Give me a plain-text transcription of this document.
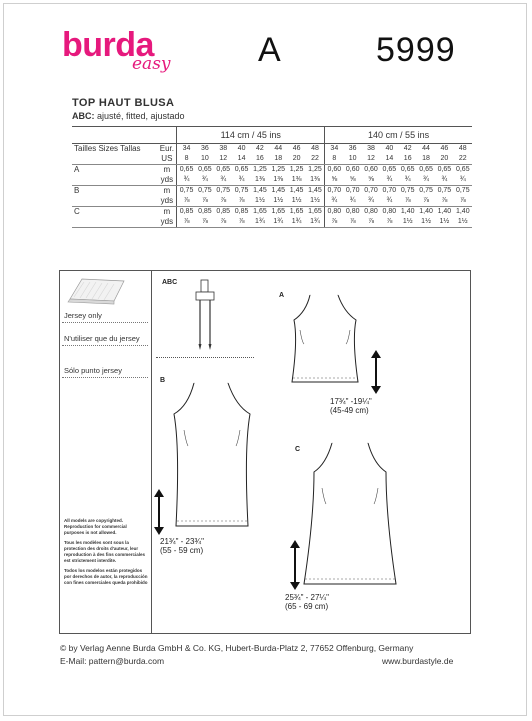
burda
easy	A	5999
TOP HAUT BLUSA
ABC: ajusté, fitted, ajustado
		114 cm / 45 ins								140 cm / 55 ins							
Tailles Sizes Tallas	Eur.	34	36	38	40	42	44	46	48	34	36	38	40	42	44	46	48
	US	8	10	12	14	16	18	20	22	8	10	12	14	16	18	20	22
A	m	0,65	0,65	0,65	0,65	1,25	1,25	1,25	1,25	0,60	0,60	0,60	0,65	0,65	0,65	0,65	0,65
	yds	¾	¾	¾	¾	1⅜	1⅜	1⅜	1⅜	⅝	⅝	⅝	¾	¾	¾	¾	¾
B	m	0,75	0,75	0,75	0,75	1,45	1,45	1,45	1,45	0,70	0,70	0,70	0,70	0,75	0,75	0,75	0,75
	yds	⅞	⅞	⅞	⅞	1½	1½	1½	1½	¾	¾	¾	¾	⅞	⅞	⅞	⅞
C	m	0,85	0,85	0,85	0,85	1,65	1,65	1,65	1,65	0,80	0,80	0,80	0,80	1,40	1,40	1,40	1,40
	yds	⅞	⅞	⅞	⅞	1¾	1¾	1¾	1¾	⅞	⅞	⅞	⅞	1½	1½	1½	1½
Jersey only
N'utiliser que du jersey
Sólo punto jersey
All models are copyrighted.
Reproduction for commercial purposes is not allowed.
Tous les modèles sont sous la protection des droits d'auteur, leur reproduction à des fins commerciales est strictement interdite.
Todos los modelos están protegidos por derechos de autor, la reproducción con fines comerciales queda prohibido
ABC
A
17¾" -19¼"
(45-49 cm)
B
21¾" - 23¾"
(55 - 59 cm)
C
25¾" - 27¼"
(65 - 69 cm)
© by Verlag Aenne Burda GmbH & Co. KG, Hubert-Burda-Platz 2, 77652 Offenburg, Germany
E-Mail: pattern@burda.com	www.burdastyle.de
